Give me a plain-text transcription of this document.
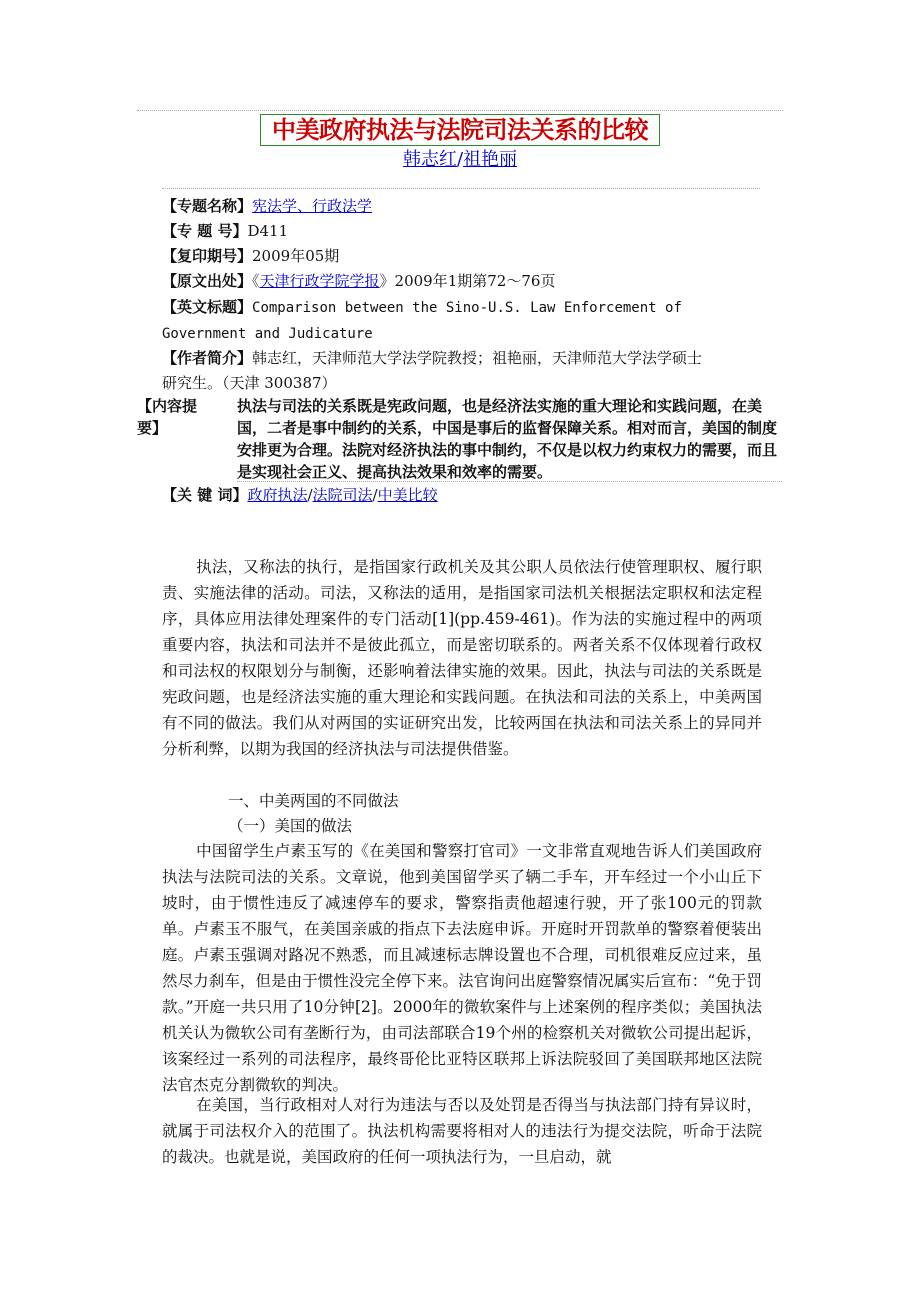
中美政府执法与法院司法关系的比较
韩志红/祖艳丽
【专题名称】宪法学、行政法学
【专 题 号】D411
【复印期号】2009年05期
【原文出处】《天津行政学院学报》2009年1期第72～76页
【英文标题】Comparison between the Sino-U.S. Law Enforcement of
Government and Judicature
【作者简介】韩志红，天津师范大学法学院教授；祖艳丽，天津师范大学法学硕士
研究生。（天津 300387）
【内容提
要】
执法与司法的关系既是宪政问题，也是经济法实施的重大理论和实践问题，在美国，二者是事中制约的关系，中国是事后的监督保障关系。相对而言，美国的制度安排更为合理。法院对经济执法的事中制约，不仅是以权力约束权力的需要，而且是实现社会正义、提高执法效果和效率的需要。
【关 键 词】政府执法/法院司法/中美比较
执法，又称法的执行，是指国家行政机关及其公职人员依法行使管理职权、履行职责、实施法律的活动。司法，又称法的适用，是指国家司法机关根据法定职权和法定程序，具体应用法律处理案件的专门活动[1](pp.459-461)。作为法的实施过程中的两项重要内容，执法和司法并不是彼此孤立，而是密切联系的。两者关系不仅体现着行政权和司法权的权限划分与制衡，还影响着法律实施的效果。因此，执法与司法的关系既是宪政问题，也是经济法实施的重大理论和实践问题。在执法和司法的关系上，中美两国有不同的做法。我们从对两国的实证研究出发，比较两国在执法和司法关系上的异同并分析利弊，以期为我国的经济执法与司法提供借鉴。
一、中美两国的不同做法
（一）美国的做法
中国留学生卢素玉写的《在美国和警察打官司》一文非常直观地告诉人们美国政府执法与法院司法的关系。文章说，他到美国留学买了辆二手车，开车经过一个小山丘下坡时，由于惯性违反了减速停车的要求，警察指责他超速行驶，开了张100元的罚款单。卢素玉不服气，在美国亲戚的指点下去法庭申诉。开庭时开罚款单的警察着便装出庭。卢素玉强调对路况不熟悉，而且减速标志牌设置也不合理，司机很难反应过来，虽然尽力刹车，但是由于惯性没完全停下来。法官询问出庭警察情况属实后宣布：“免于罚款。”开庭一共只用了10分钟[2]。2000年的微软案件与上述案例的程序类似；美国执法机关认为微软公司有垄断行为，由司法部联合19个州的检察机关对微软公司提出起诉，该案经过一系列的司法程序，最终哥伦比亚特区联邦上诉法院驳回了美国联邦地区法院法官杰克分割微软的判决。
在美国，当行政相对人对行为违法与否以及处罚是否得当与执法部门持有异议时，就属于司法权介入的范围了。执法机构需要将相对人的违法行为提交法院，听命于法院的裁决。也就是说，美国政府的任何一项执法行为，一旦启动，就
